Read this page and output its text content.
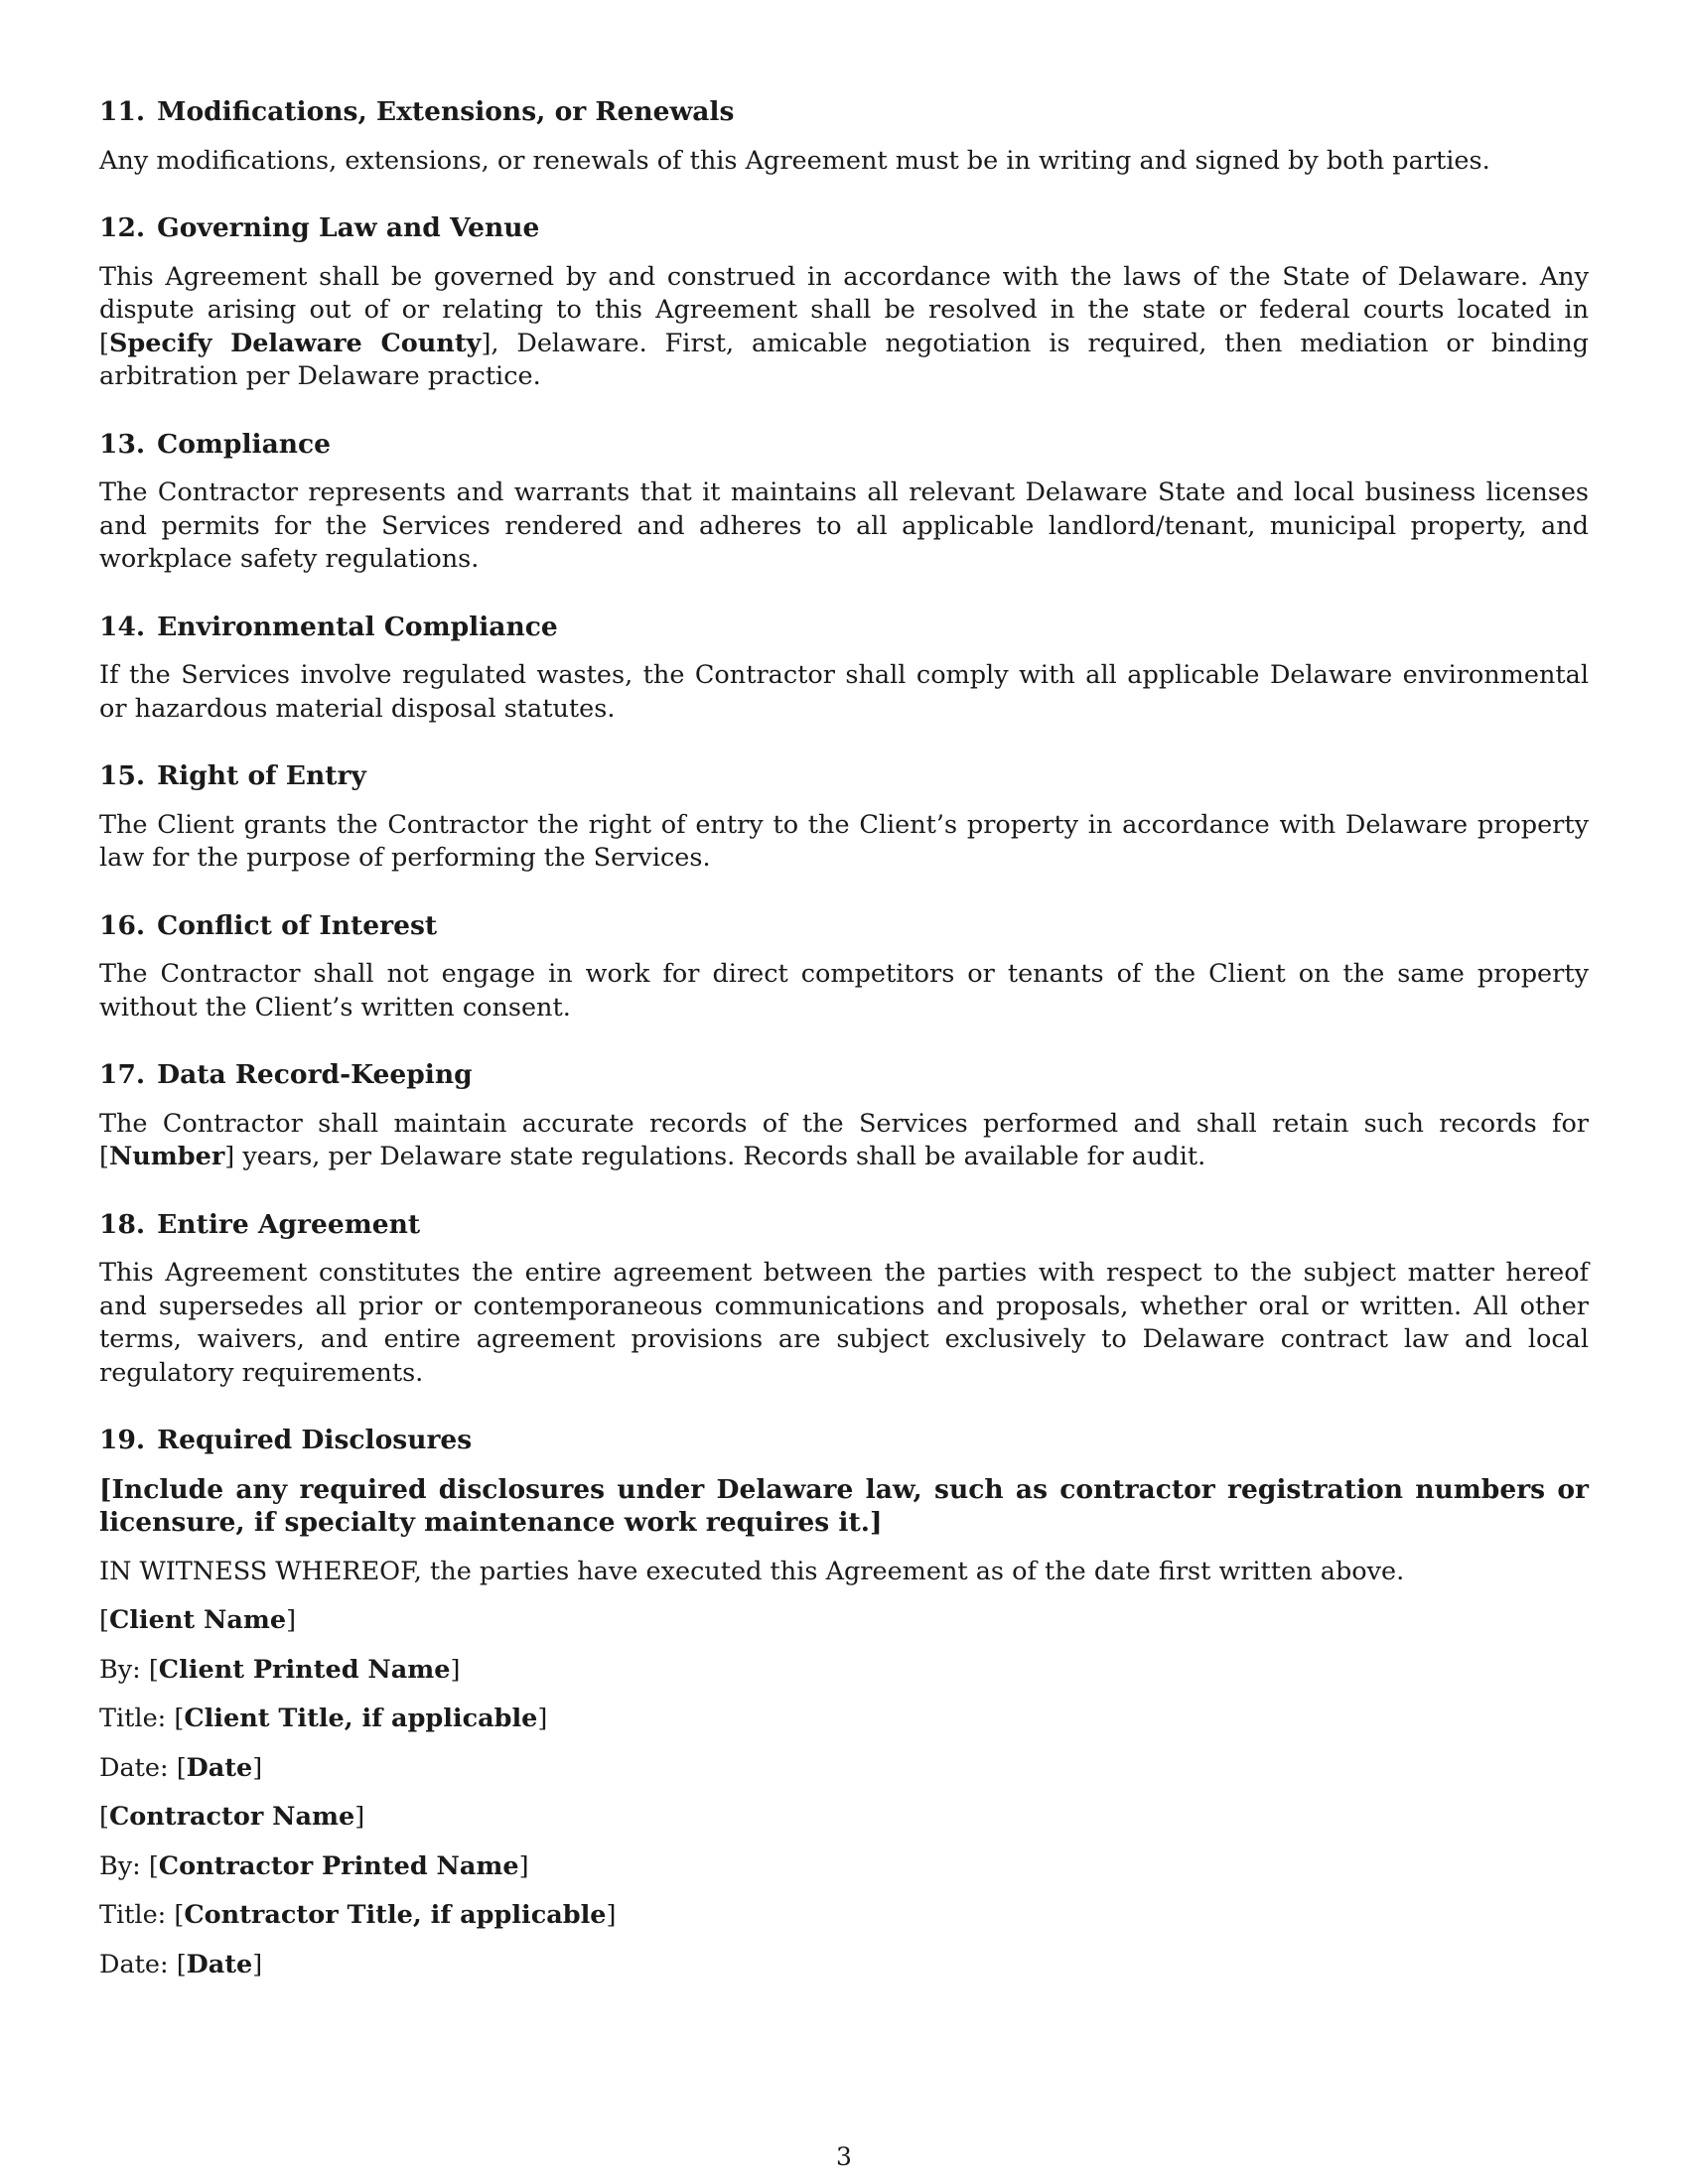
11. Modifications, Extensions, or Renewals

Any modifications, extensions, or renewals of this Agreement must be in writing and signed by both parties.

12. Governing Law and Venue

This Agreement shall be governed by and construed in accordance with the laws of the State of Delaware. Any dispute arising out of or relating to this Agreement shall be resolved in the state or federal courts located in [Specify Delaware County], Delaware. First, amicable negotiation is required, then mediation or binding arbitration per Delaware practice.

13. Compliance

The Contractor represents and warrants that it maintains all relevant Delaware State and local business licenses and permits for the Services rendered and adheres to all applicable landlord/tenant, municipal property, and workplace safety regulations.

14. Environmental Compliance

If the Services involve regulated wastes, the Contractor shall comply with all applicable Delaware environmental or hazardous material disposal statutes.

15. Right of Entry

The Client grants the Contractor the right of entry to the Client’s property in accordance with Delaware property law for the purpose of performing the Services.

16. Conflict of Interest

The Contractor shall not engage in work for direct competitors or tenants of the Client on the same property without the Client’s written consent.

17. Data Record-Keeping

The Contractor shall maintain accurate records of the Services performed and shall retain such records for [Number] years, per Delaware state regulations. Records shall be available for audit.

18. Entire Agreement

This Agreement constitutes the entire agreement between the parties with respect to the subject matter hereof and supersedes all prior or contemporaneous communications and proposals, whether oral or written. All other terms, waivers, and entire agreement provisions are subject exclusively to Delaware contract law and local regulatory requirements.

19. Required Disclosures

[Include any required disclosures under Delaware law, such as contractor registration numbers or licensure, if specialty maintenance work requires it.]

IN WITNESS WHEREOF, the parties have executed this Agreement as of the date first written above.

[Client Name]

By: [Client Printed Name]

Title: [Client Title, if applicable]

Date: [Date]

[Contractor Name]

By: [Contractor Printed Name]

Title: [Contractor Title, if applicable]

Date: [Date]

3
